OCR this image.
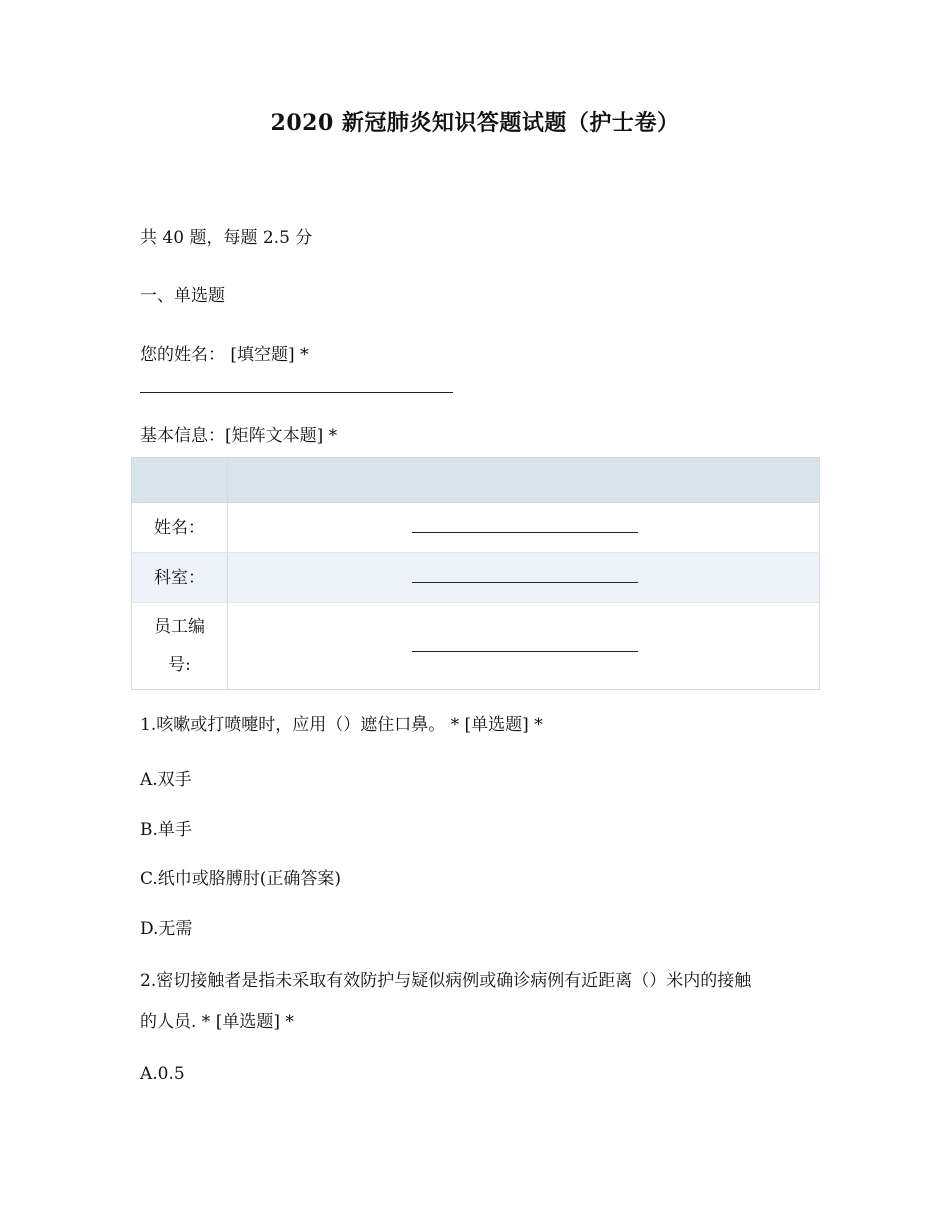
2020 新冠肺炎知识答题试题（护士卷）
共 40 题，每题 2.5 分
一、单选题
您的姓名： [填空题] *
基本信息：[矩阵文本题] *

姓名：	

科室：	

员工编
号:	

1.咳嗽或打喷嚏时，应用（）遮住口鼻。 * [单选题] *
A.双手
B.单手
C.纸巾或胳膊肘(正确答案)
D.无需
2.密切接触者是指未采取有效防护与疑似病例或确诊病例有近距离（）米内的接触
的人员. * [单选题] *
A.0.5
